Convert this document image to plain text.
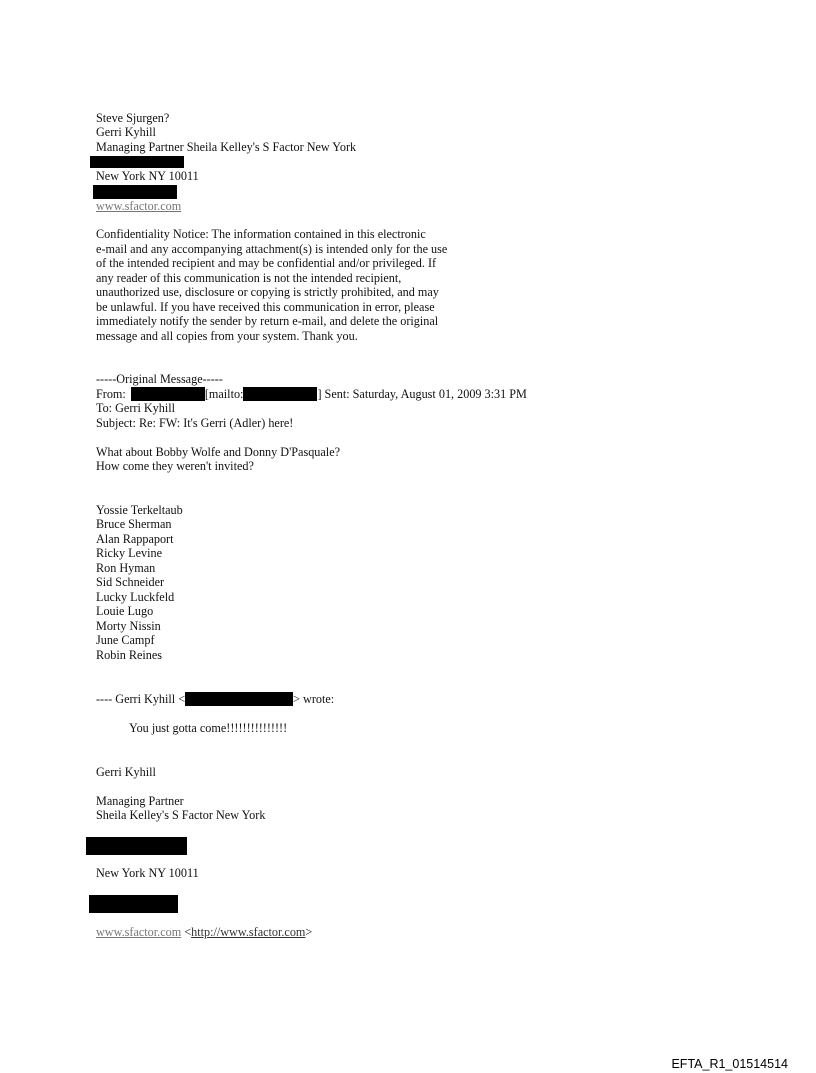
Steve Sjurgen?
Gerri Kyhill
Managing Partner Sheila Kelley's S Factor New York
New York NY 10011
www.sfactor.com
Confidentiality Notice: The information contained in this electronic
e-mail and any accompanying attachment(s) is intended only for the use
of the intended recipient and may be confidential and/or privileged. If
any reader of this communication is not the intended recipient,
unauthorized use, disclosure or copying is strictly prohibited, and may
be unlawful. If you have received this communication in error, please
immediately notify the sender by return e-mail, and delete the original
message and all copies from your system. Thank you.
-----Original Message-----
From:	[mailto:	] Sent: Saturday, August 01, 2009 3:31 PM
To: Gerri Kyhill
Subject: Re: FW: It's Gerri (Adler) here!
What about Bobby Wolfe and Donny D'Pasquale?
How come they weren't invited?
Yossie Terkeltaub
Bruce Sherman
Alan Rappaport
Ricky Levine
Ron Hyman
Sid Schneider
Lucky Luckfeld
Louie Lugo
Morty Nissin
June Campf
Robin Reines
---- Gerri Kyhill <	> wrote:
You just gotta come!!!!!!!!!!!!!!!
Gerri Kyhill
Managing Partner
Sheila Kelley's S Factor New York
New York NY 10011
www.sfactor.com <http://www.sfactor.com>
EFTA_R1_01514514
